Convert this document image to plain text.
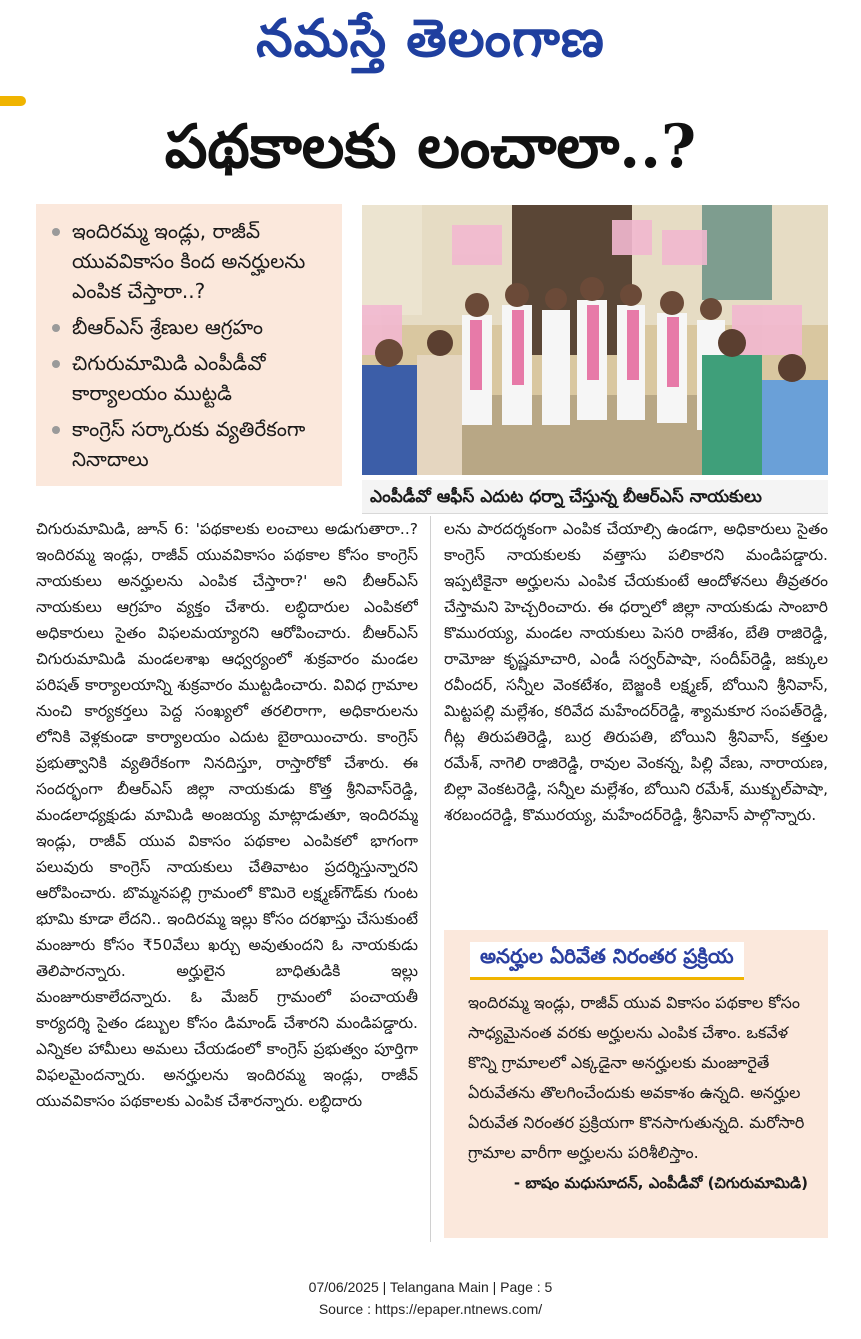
నమస్తే తెలంగాణ
పథకాలకు లంచాలా..?
ఇందిరమ్మ ఇండ్లు, రాజీవ్ యువవికాసం కింద అనర్హులను ఎంపిక చేస్తారా..?
బీఆర్‌ఎస్ శ్రేణుల ఆగ్రహం
చిగురుమామిడి ఎంపీడీవో కార్యాలయం ముట్టడి
కాంగ్రెస్ సర్కారుకు వ్యతిరేకంగా నినాదాలు
ఎంపీడీవో ఆఫీస్ ఎదుట ధర్నా చేస్తున్న బీఆర్‌ఎస్ నాయకులు
చిగురుమామిడి, జూన్ 6: 'పథకాలకు లంచాలు అడుగుతారా..? ఇందిరమ్మ ఇండ్లు, రాజీవ్ యువవికాసం పథకాల కోసం కాంగ్రెస్ నాయకులు అనర్హులను ఎంపిక చేస్తారా?' అని బీఆర్‌ఎస్ నాయకులు ఆగ్రహం వ్యక్తం చేశారు. లబ్ధిదారుల ఎంపికలో అధికారులు సైతం విఫలమయ్యారని ఆరోపించారు. బీఆర్‌ఎస్ చిగురుమామిడి మండలశాఖ ఆధ్వర్యంలో శుక్రవారం మండల పరిషత్ కార్యాలయాన్ని శుక్రవారం ముట్టడించారు. వివిధ గ్రామాల నుంచి కార్యకర్తలు పెద్ద సంఖ్యలో తరలిరాగా, అధికారులను లోనికి వెళ్లకుండా కార్యాలయం ఎదుట బైఠాయించారు. కాంగ్రెస్ ప్రభుత్వానికి వ్యతిరేకంగా నినదిస్తూ, రాస్తారోకో చేశారు. ఈ సందర్భంగా బీఆర్‌ఎస్ జిల్లా నాయకుడు కొత్త శ్రీనివాస్‌రెడ్డి, మండలాధ్యక్షుడు మామిడి అంజయ్య మాట్లాడుతూ, ఇందిరమ్మ ఇండ్లు, రాజీవ్ యువ వికాసం పథకాల ఎంపికలో భాగంగా పలువురు కాంగ్రెస్ నాయకులు చేతివాటం ప్రదర్శిస్తున్నారని ఆరోపించారు. బొమ్మనపల్లి గ్రామంలో కొమిరె లక్ష్మణ్‌గౌడ్‌కు గుంట భూమి కూడా లేదని.. ఇందిరమ్మ ఇల్లు కోసం దరఖాస్తు చేసుకుంటే మంజూరు కోసం ₹50వేలు ఖర్చు అవుతుందని ఓ నాయకుడు తెలిపారన్నారు. అర్హులైన బాధితుడికి ఇల్లు మంజూరుకాలేదన్నారు. ఓ మేజర్ గ్రామంలో పంచాయతీ కార్యదర్శి సైతం డబ్బుల కోసం డిమాండ్ చేశారని మండిపడ్డారు. ఎన్నికల హామీలు అమలు చేయడంలో కాంగ్రెస్ ప్రభుత్వం పూర్తిగా విఫలమైందన్నారు. అనర్హులను ఇందిరమ్మ ఇండ్లు, రాజీవ్ యువవికాసం పథకాలకు ఎంపిక చేశారన్నారు. లబ్ధిదారు
లను పారదర్శకంగా ఎంపిక చేయాల్సి ఉండగా, అధికారులు సైతం కాంగ్రెస్ నాయకులకు వత్తాసు పలికారని మండిపడ్డారు. ఇప్పటికైనా అర్హులను ఎంపిక చేయకుంటే ఆందోళనలు తీవ్రతరం చేస్తామని హెచ్చరించారు. ఈ ధర్నాలో జిల్లా నాయకుడు సాంబారి కొమురయ్య, మండల నాయకులు పెసరి రాజేశం, బేతి రాజిరెడ్డి, రామోజు కృష్ణమాచారి, ఎండీ సర్వర్‌పాషా, సందీప్‌రెడ్డి, జక్కుల రవీందర్, సన్నీల వెంకటేశం, బెజ్జంకి లక్ష్మణ్, బోయిని శ్రీనివాస్, మిట్టపల్లి మల్లేశం, కరివేద మహేందర్‌రెడ్డి, శ్యామకూర సంపత్‌రెడ్డి, గీట్ల తిరుపతిరెడ్డి, బుర్ర తిరుపతి, బోయిని శ్రీనివాస్, కత్తుల రమేశ్, నాగెలి రాజిరెడ్డి, రావుల వెంకన్న, పిల్లి వేణు, నారాయణ, బిల్లా వెంకటరెడ్డి, సన్నీల మల్లేశం, బోయిని రమేశ్, ముక్బుల్‌పాషా, శరబందరెడ్డి, కొమురయ్య, మహేందర్‌రెడ్డి, శ్రీనివాస్ పాల్గొన్నారు.
అనర్హుల ఏరివేత నిరంతర ప్రక్రియ
ఇందిరమ్మ ఇండ్లు, రాజీవ్ యువ వికాసం పథకాల కోసం సాధ్యమైనంత వరకు అర్హులను ఎంపిక చేశాం. ఒకవేళ కొన్ని గ్రామాలలో ఎక్కడైనా అనర్హులకు మంజూరైతే ఏరువేతను తొలగించేందుకు అవకాశం ఉన్నది. అనర్హుల ఏరువేత నిరంతర ప్రక్రియగా కొనసాగుతున్నది. మరోసారి గ్రామాల వారీగా అర్హులను పరిశీలిస్తాం.
- బాషం మధుసూదన్, ఎంపీడీవో (చిగురుమామిడి)
07/06/2025 | Telangana Main | Page : 5
Source : https://epaper.ntnews.com/
